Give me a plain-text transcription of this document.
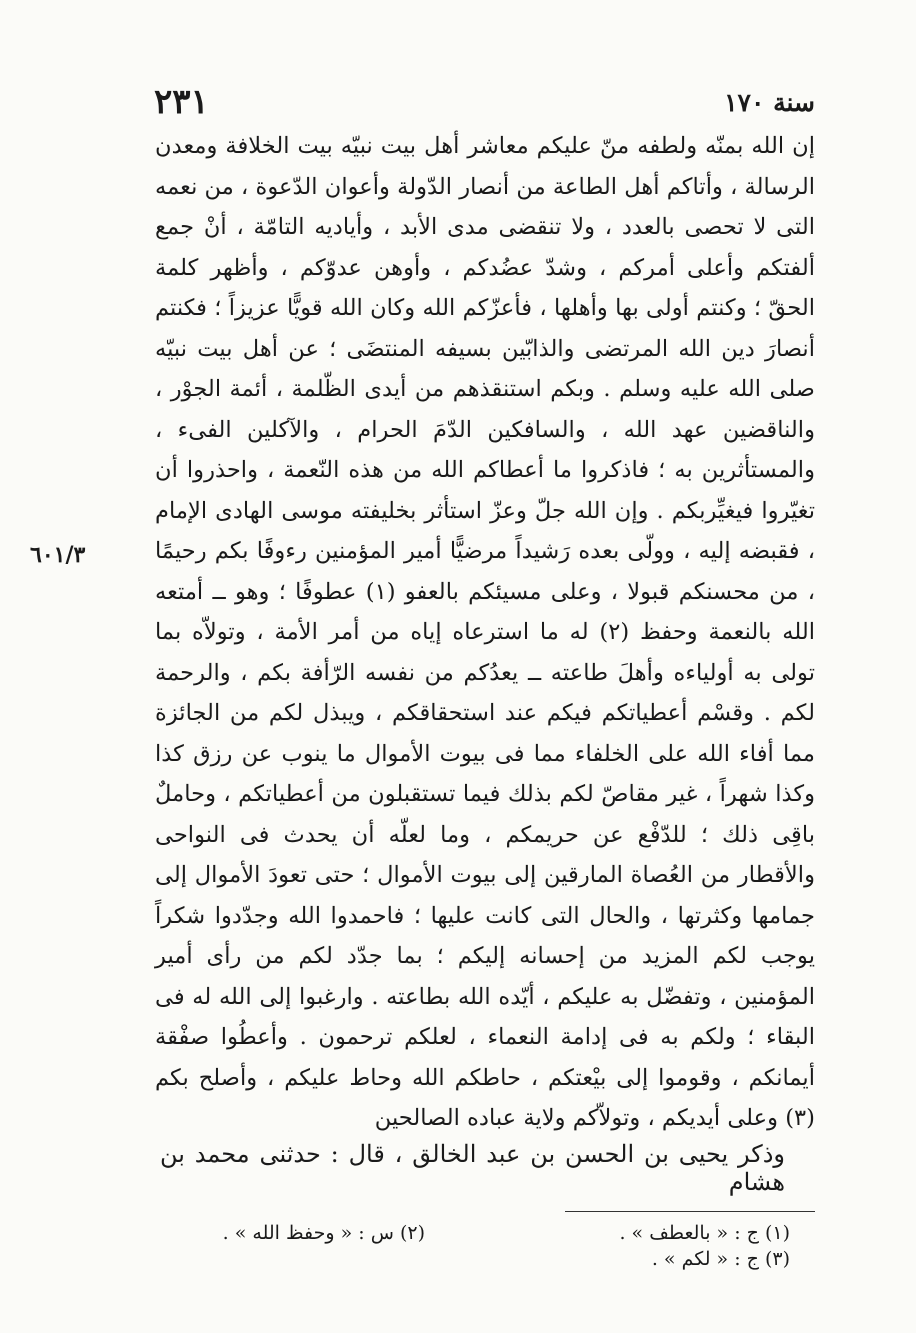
٢٣١	سنة ١٧٠

إن الله بمنّه ولطفه منّ عليكم معاشر أهل بيت نبيّه بيت الخلافة ومعدن الرسالة ، وأتاكم أهل الطاعة من أنصار الدّولة وأعوان الدّعوة ، من نعمه التى لا تحصى بالعدد ، ولا تنقضى مدى الأبد ، وأياديه التامّة ، أنْ جمع ألفتكم وأعلى أمركم ، وشدّ عضُدكم ، وأوهن عدوّكم ، وأظهر كلمة الحقّ ؛ وكنتم أولى بها وأهلها ، فأعزّكم الله وكان الله قويًّا عزيزاً ؛ فكنتم أنصارَ دين الله المرتضى والذابّين بسيفه المنتضَى ؛ عن أهل بيت نبيّه صلى الله عليه وسلم . وبكم استنقذهم من أيدى الظّلمة ، أئمة الجوْر ، والناقضين عهد الله ، والسافكين الدّمَ الحرام ، والآكلين الفىء ، والمستأثرين به ؛ فاذكروا ما أعطاكم الله من هذه النّعمة ، واحذروا أن تغيّروا فيغيِّربكم . وإن الله جلّ وعزّ استأثر بخليفته موسى الهادى الإمام ، فقبضه إليه ، وولّى بعده رَشيداً مرضيًّا أمير المؤمنين رءوفًا بكم رحيمًا ، من محسنكم قبولا ، وعلى مسيئكم بالعفو (١) عطوفًا ؛ وهو ــ أمتعه الله بالنعمة وحفظ (٢) له ما استرعاه إياه من أمر الأمة ، وتولاّه بما تولى به أولياءه وأهلَ طاعته ــ يعدُكم من نفسه الرّأفة بكم ، والرحمة لكم . وقسْم أعطياتكم فيكم عند استحقاقكم ، ويبذل لكم من الجائزة مما أفاء الله على الخلفاء مما فى بيوت الأموال ما ينوب عن رزق كذا وكذا شهراً ، غير مقاصّ لكم بذلك فيما تستقبلون من أعطياتكم ، وحاملٌ باقِى ذلك ؛ للدّفْع عن حريمكم ، وما لعلّه أن يحدث فى النواحى والأقطار من العُصاة المارقين إلى بيوت الأموال ؛ حتى تعودَ الأموال إلى جمامها وكثرتها ، والحال التى كانت عليها ؛ فاحمدوا الله وجدّدوا شكراً يوجب لكم المزيد من إحسانه إليكم ؛ بما جدّد لكم من رأى أمير المؤمنين ، وتفضّل به عليكم ، أيّده الله بطاعته . وارغبوا إلى الله له فى البقاء ؛ ولكم به فى إدامة النعماء ، لعلكم ترحمون . وأعطُوا صفْقة أيمانكم ، وقوموا إلى بيْعتكم ، حاطكم الله وحاط عليكم ، وأصلح بكم (٣) وعلى أيديكم ، وتولاّكم ولاية عباده الصالحين

٦٠١/٣

وذكر يحيى بن الحسن بن عبد الخالق ، قال : حدثنى محمد بن هشام

(١) ج : « بالعطف » .
(٢) س : « وحفظ الله » .
(٣) ج : « لكم » .
